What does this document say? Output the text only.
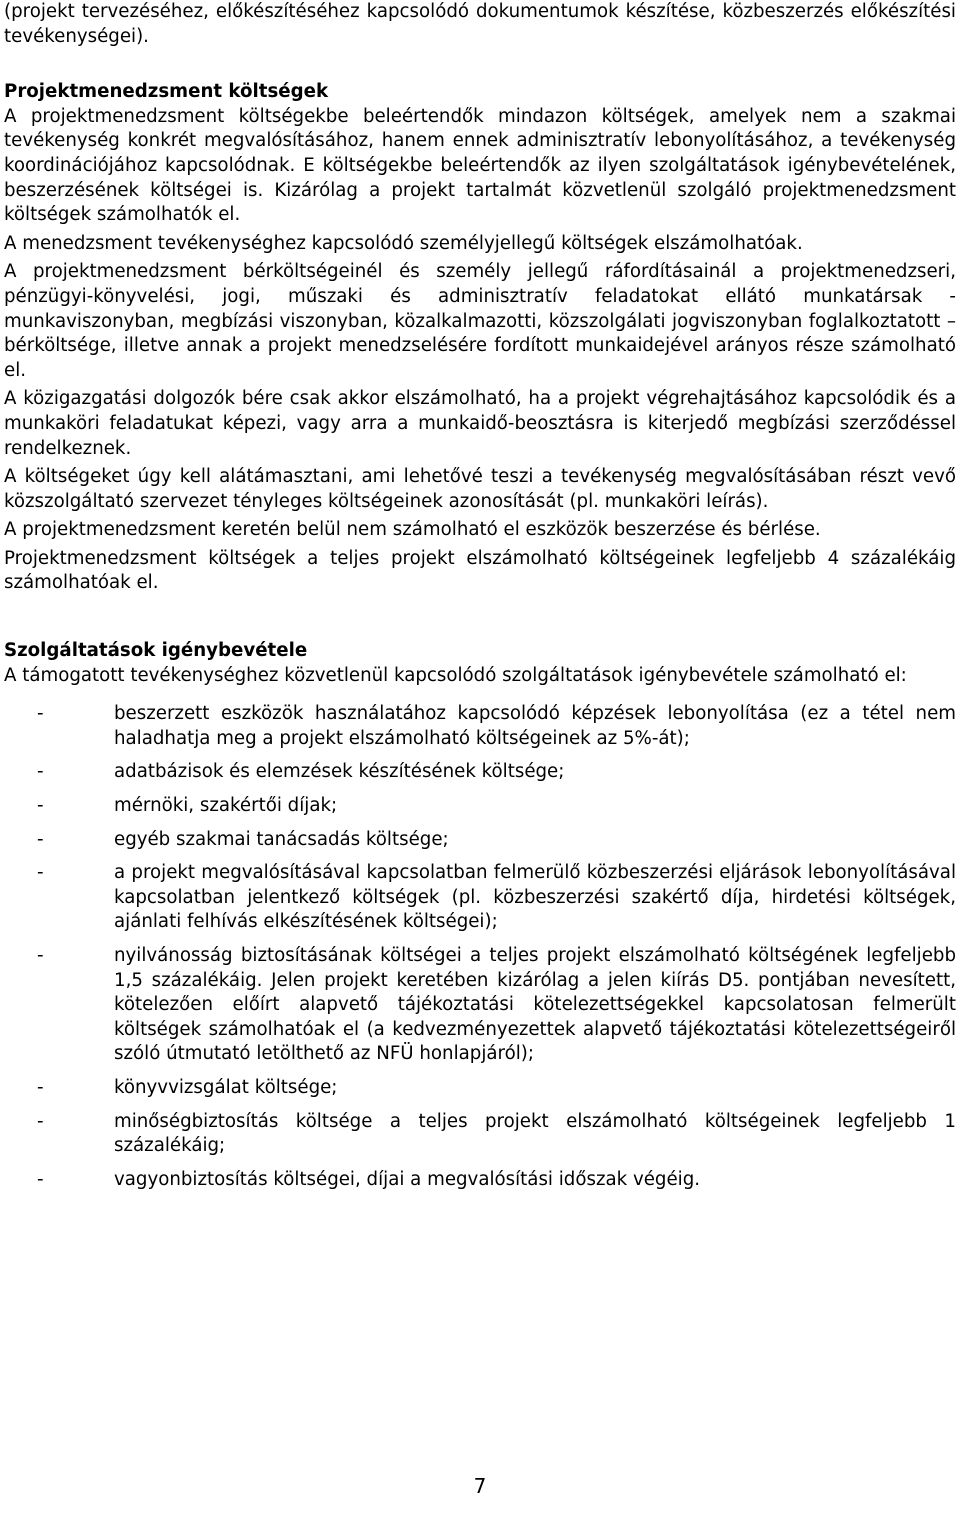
(projekt tervezéséhez, előkészítéséhez kapcsolódó dokumentumok készítése, közbeszerzés előkészítési tevékenységei).

Projektmenedzsment költségek

A projektmenedzsment költségekbe beleértendők mindazon költségek, amelyek nem a szakmai tevékenység konkrét megvalósításához, hanem ennek adminisztratív lebonyolításához, a tevékenység koordinációjához kapcsolódnak. E költségekbe beleértendők az ilyen szolgáltatások igénybevételének, beszerzésének költségei is. Kizárólag a projekt tartalmát közvetlenül szolgáló projektmenedzsment költségek számolhatók el.

A menedzsment tevékenységhez kapcsolódó személyjellegű költségek elszámolhatóak.

A projektmenedzsment bérköltségeinél és személy jellegű ráfordításainál a projektmenedzseri, pénzügyi-könyvelési, jogi, műszaki és adminisztratív feladatokat ellátó munkatársak - munkaviszonyban, megbízási viszonyban, közalkalmazotti, közszolgálati jogviszonyban foglalkoztatott – bérköltsége, illetve annak a projekt menedzselésére fordított munkaidejével arányos része számolható el.

A közigazgatási dolgozók bére csak akkor elszámolható, ha a projekt végrehajtásához kapcsolódik és a munkaköri feladatukat képezi, vagy arra a munkaidő-beosztásra is kiterjedő megbízási szerződéssel rendelkeznek.

A költségeket úgy kell alátámasztani, ami lehetővé teszi a tevékenység megvalósításában részt vevő közszolgáltató szervezet tényleges költségeinek azonosítását (pl. munkaköri leírás).

A projektmenedzsment keretén belül nem számolható el eszközök beszerzése és bérlése.

Projektmenedzsment költségek a teljes projekt elszámolható költségeinek legfeljebb 4 százalékáig számolhatóak el.

Szolgáltatások igénybevétele

A támogatott tevékenységhez közvetlenül kapcsolódó szolgáltatások igénybevétele számolható el:

-	beszerzett eszközök használatához kapcsolódó képzések lebonyolítása (ez a tétel nem haladhatja meg a projekt elszámolható költségeinek az 5%-át);
-	adatbázisok és elemzések készítésének költsége;
-	mérnöki, szakértői díjak;
-	egyéb szakmai tanácsadás költsége;
-	a projekt megvalósításával kapcsolatban felmerülő közbeszerzési eljárások lebonyolításával kapcsolatban jelentkező költségek (pl. közbeszerzési szakértő díja, hirdetési költségek, ajánlati felhívás elkészítésének költségei);
-	nyilvánosság biztosításának költségei a teljes projekt elszámolható költségének legfeljebb 1,5 százalékáig. Jelen projekt keretében kizárólag a jelen kiírás D5. pontjában nevesített, kötelezően előírt alapvető tájékoztatási kötelezettségekkel kapcsolatosan felmerült költségek számolhatóak el (a kedvezményezettek alapvető tájékoztatási kötelezettségeiről szóló útmutató letölthető az NFÜ honlapjáról);
-	könyvvizsgálat költsége;
-	minőségbiztosítás költsége a teljes projekt elszámolható költségeinek legfeljebb 1 százalékáig;
-	vagyonbiztosítás költségei, díjai a megvalósítási időszak végéig.
7
